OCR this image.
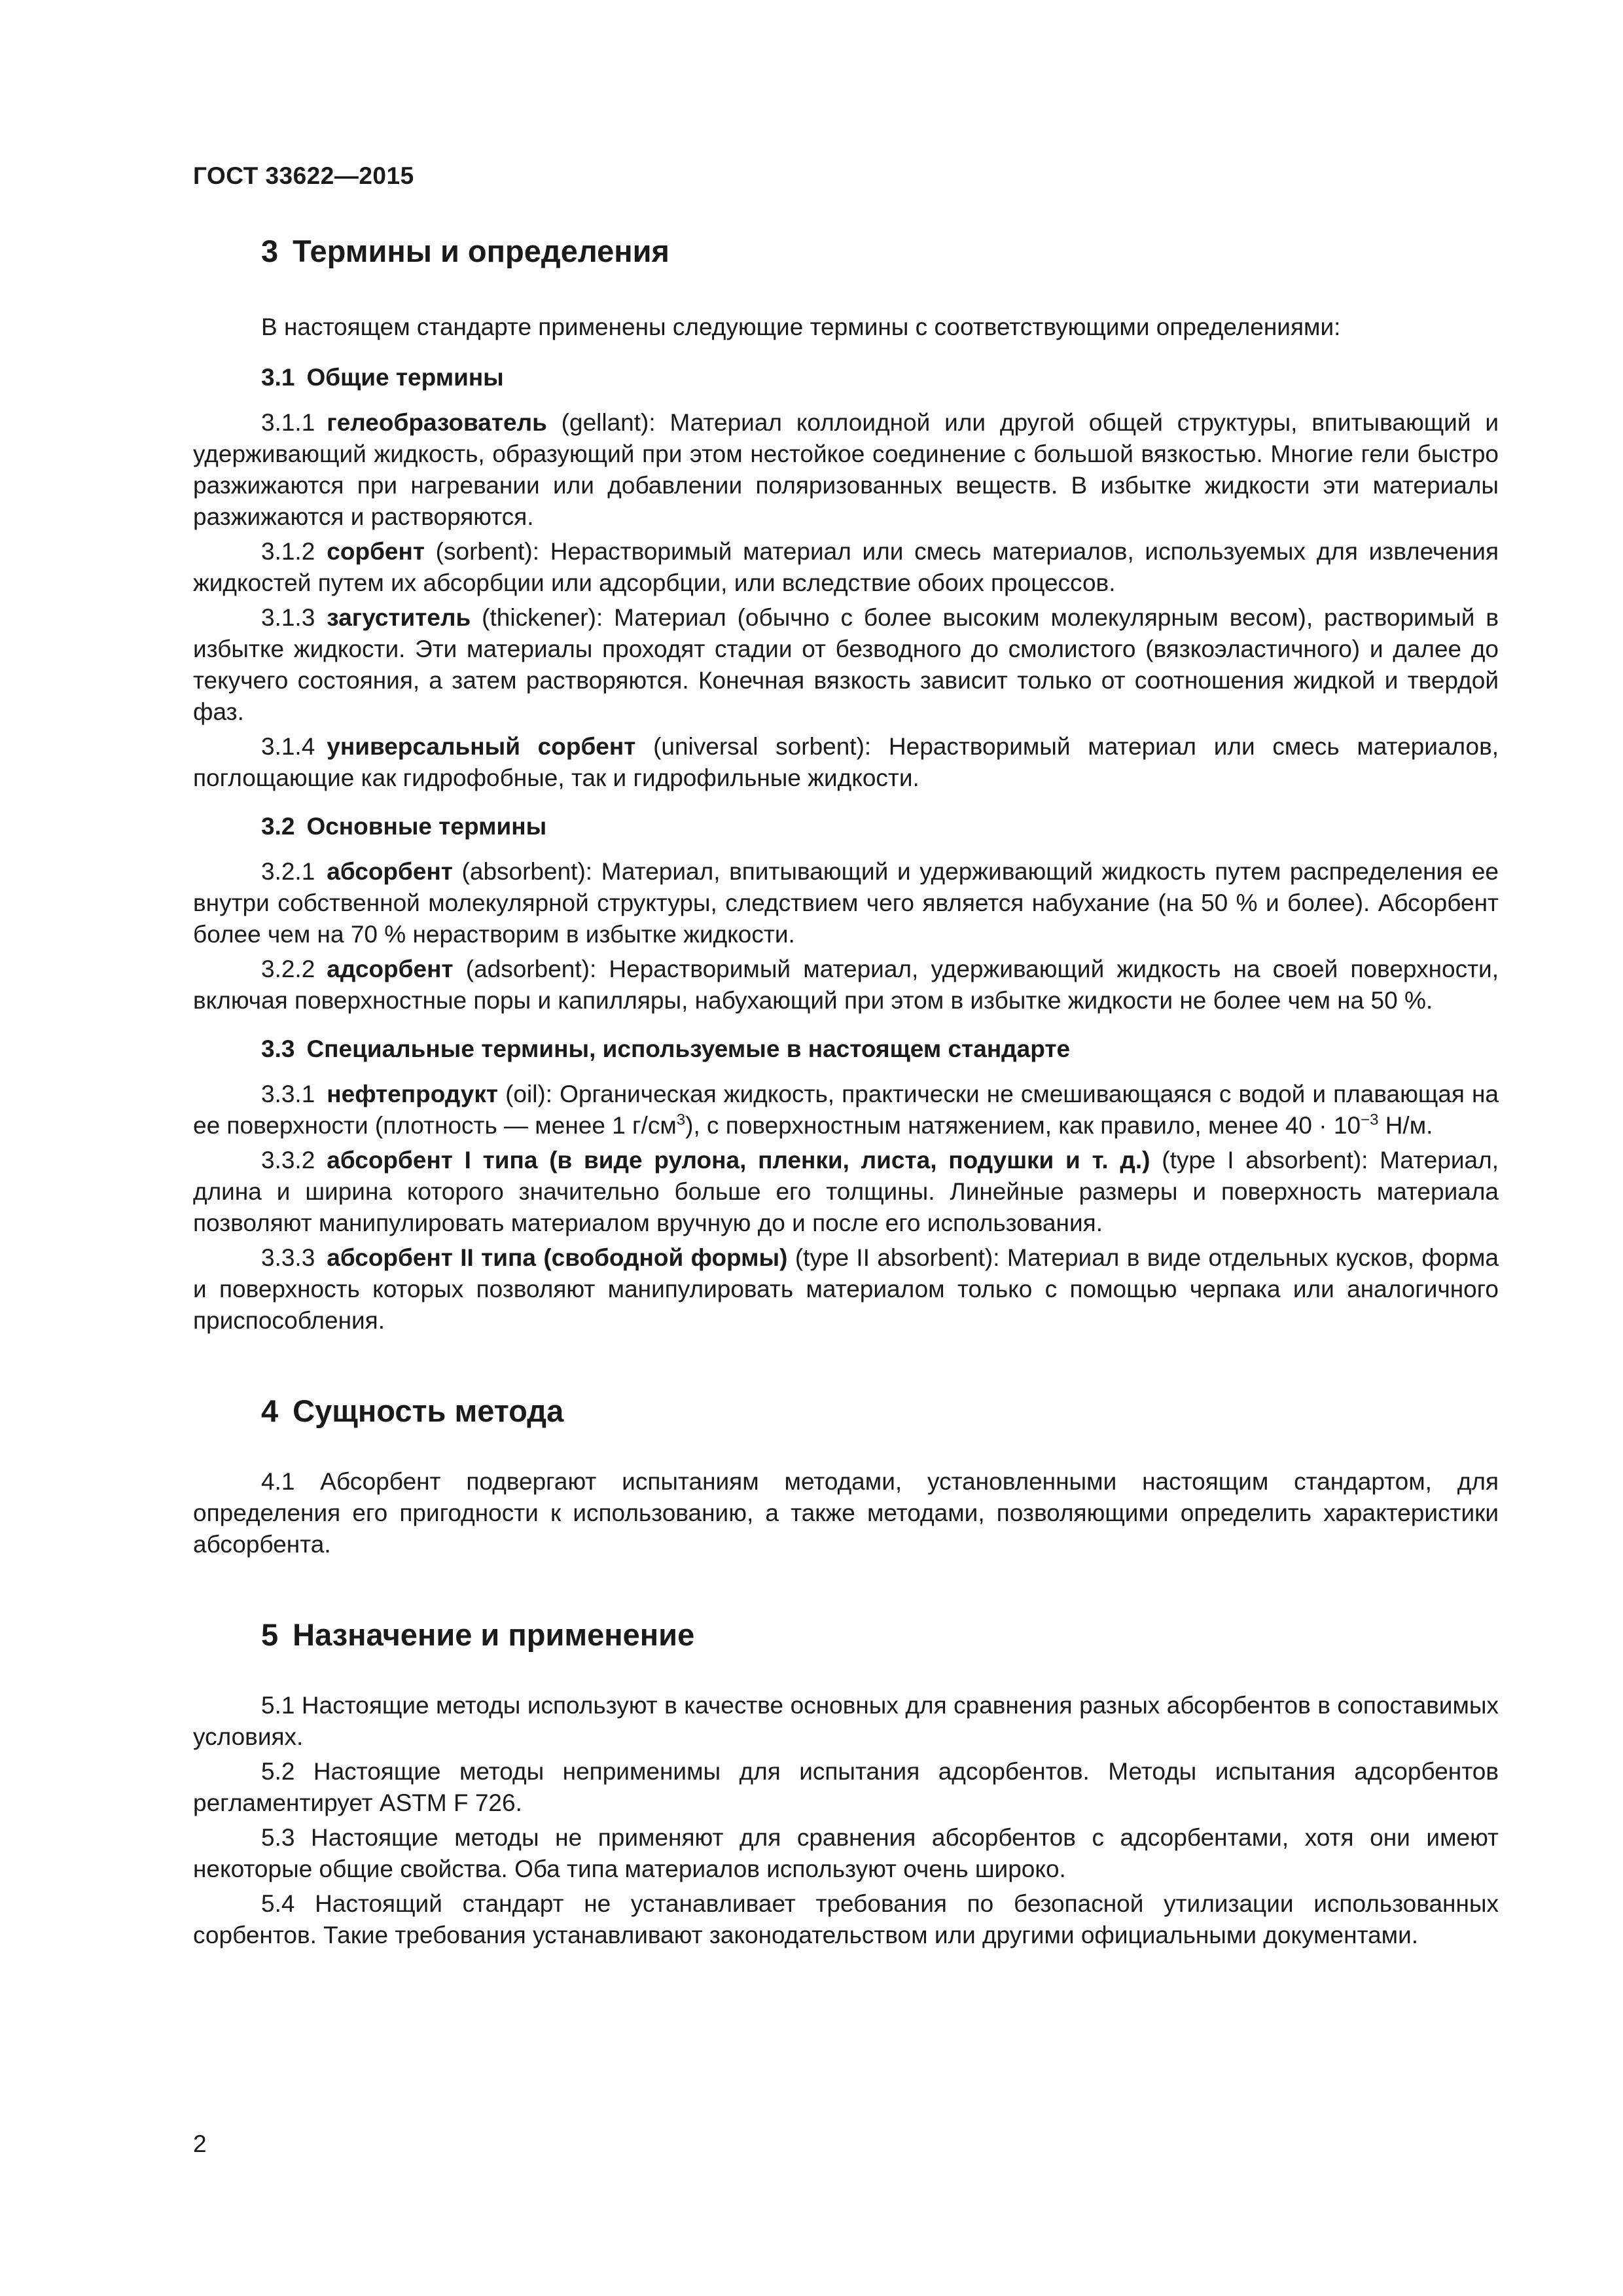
ГОСТ 33622—2015
3 Термины и определения

В настоящем стандарте применены следующие термины с соответствующими определениями:

3.1 Общие термины

3.1.1 гелеобразователь (gellant): Материал коллоидной или другой общей структуры, впитывающий и удерживающий жидкость, образующий при этом нестойкое соединение с большой вязкостью. Многие гели быстро разжижаются при нагревании или добавлении поляризованных веществ. В избытке жидкости эти материалы разжижаются и растворяются.

3.1.2 сорбент (sorbent): Нерастворимый материал или смесь материалов, используемых для извлечения жидкостей путем их абсорбции или адсорбции, или вследствие обоих процессов.

3.1.3 загуститель (thickener): Материал (обычно с более высоким молекулярным весом), растворимый в избытке жидкости. Эти материалы проходят стадии от безводного до смолистого (вязкоэластичного) и далее до текучего состояния, а затем растворяются. Конечная вязкость зависит только от соотношения жидкой и твердой фаз.

3.1.4 универсальный сорбент (universal sorbent): Нерастворимый материал или смесь материалов, поглощающие как гидрофобные, так и гидрофильные жидкости.

3.2 Основные термины

3.2.1 абсорбент (absorbent): Материал, впитывающий и удерживающий жидкость путем распределения ее внутри собственной молекулярной структуры, следствием чего является набухание (на 50 % и более). Абсорбент более чем на 70 % нерастворим в избытке жидкости.

3.2.2 адсорбент (adsorbent): Нерастворимый материал, удерживающий жидкость на своей поверхности, включая поверхностные поры и капилляры, набухающий при этом в избытке жидкости не более чем на 50 %.

3.3 Специальные термины, используемые в настоящем стандарте

3.3.1 нефтепродукт (oil): Органическая жидкость, практически не смешивающаяся с водой и плавающая на ее поверхности (плотность — менее 1 $г/см^3$), с поверхностным натяжением, как правило, менее $40 \cdot 10^{-3}$ Н/м.

3.3.2 абсорбент I типа (в виде рулона, пленки, листа, подушки и т. д.) (type I absorbent): Материал, длина и ширина которого значительно больше его толщины. Линейные размеры и поверхность материала позволяют манипулировать материалом вручную до и после его использования.

3.3.3 абсорбент II типа (свободной формы) (type II absorbent): Материал в виде отдельных кусков, форма и поверхность которых позволяют манипулировать материалом только с помощью черпака или аналогичного приспособления.

4 Сущность метода

4.1 Абсорбент подвергают испытаниям методами, установленными настоящим стандартом, для определения его пригодности к использованию, а также методами, позволяющими определить характеристики абсорбента.

5 Назначение и применение

5.1 Настоящие методы используют в качестве основных для сравнения разных абсорбентов в сопоставимых условиях.

5.2 Настоящие методы неприменимы для испытания адсорбентов. Методы испытания адсорбентов регламентирует ASTM F 726.

5.3 Настоящие методы не применяют для сравнения абсорбентов с адсорбентами, хотя они имеют некоторые общие свойства. Оба типа материалов используют очень широко.

5.4 Настоящий стандарт не устанавливает требования по безопасной утилизации использованных сорбентов. Такие требования устанавливают законодательством или другими официальными документами.

2
